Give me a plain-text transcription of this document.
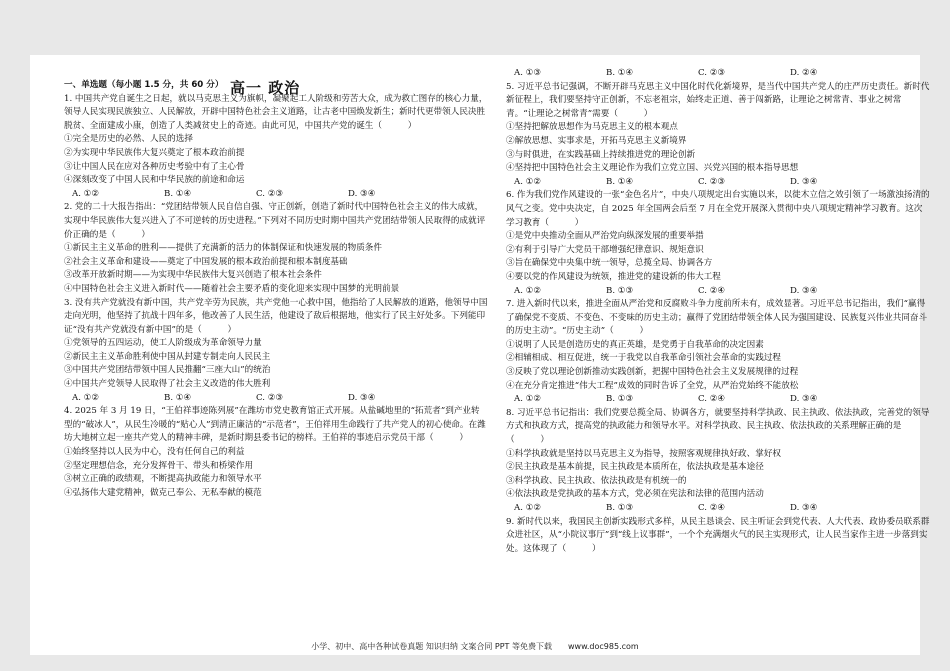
高一 政治
一、单选题（每小题 1.5 分，共 60 分）

1. 中国共产党自诞生之日起，就以马克思主义为旗帜，凝聚起工人阶级和劳苦大众，成为救亡图存的核心力量，领导人民实现民族独立、人民解放，开辟中国特色社会主义道路，让古老中国焕发新生；新时代更带领人民决胜脱贫、全面建成小康，创造了人类减贫史上的奇迹。由此可见，中国共产党的诞生（　　　）

①完全是历史的必然、人民的选择

②为实现中华民族伟大复兴奠定了根本政治前提

③让中国人民在应对各种历史考验中有了主心骨

④深刻改变了中国人民和中华民族的前途和命运

A. ①②	B. ①④	C. ②③	D. ③④

2. 党的二十大报告指出：“党团结带领人民自信自强、守正创新，创造了新时代中国特色社会主义的伟大成就，实现中华民族伟大复兴进入了不可逆转的历史进程。”下列对不同历史时期中国共产党团结带领人民取得的成就评价正确的是（　　　）

①新民主主义革命的胜利——提供了充满新的活力的体制保证和快速发展的物质条件

②社会主义革命和建设——奠定了中国发展的根本政治前提和根本制度基础

③改革开放新时期——为实现中华民族伟大复兴创造了根本社会条件

④中国特色社会主义进入新时代——随着社会主要矛盾的变化迎来实现中国梦的光明前景

3. 没有共产党就没有新中国，共产党辛劳为民族，共产党他一心救中国，他指给了人民解放的道路，他领导中国走向光明，他坚持了抗战十四年多，他改善了人民生活，他建设了敌后根据地，他实行了民主好处多。下列能印证“没有共产党就没有新中国”的是（　　　）

①党领导的五四运动，使工人阶级成为革命领导力量

②新民主主义革命胜利使中国从封建专制走向人民民主

③中国共产党团结带领中国人民推翻“三座大山”的统治

④中国共产党领导人民取得了社会主义改造的伟大胜利

A. ①②	B. ①④	C. ②③	D. ③④

4. 2025 年 3 月 19 日，“王伯祥事迹陈列展”在潍坊市党史教育馆正式开展。从盐碱地里的“拓荒者”到产业转型的“破冰人”，从民生冷暖的“贴心人”到清正廉洁的“示范者”，王伯祥用生命践行了共产党人的初心使命。在潍坊大地树立起一座共产党人的精神丰碑，是新时期县委书记的榜样。王伯祥的事迹启示党员干部（　　　）

①始终坚持以人民为中心，没有任何自己的利益

②坚定理想信念，充分发挥骨干、带头和桥梁作用

③树立正确的政绩观，不断提高执政能力和领导水平

④弘扬伟大建党精神，做克己奉公、无私奉献的模范

A. ①③	B. ①④	C. ②③	D. ②④

5. 习近平总书记强调，不断开辟马克思主义中国化时代化新境界，是当代中国共产党人的庄严历史责任。新时代新征程上，我们要坚持守正创新，不忘老祖宗，始终走正道、善于闯新路，让理论之树常青、事业之树常青。“让理论之树常青”需要（　　　）

①坚持把解放思想作为马克思主义的根本观点

②解放思想、实事求是，开拓马克思主义新境界

③与时俱进，在实践基础上持续推进党的理论创新

④坚持把中国特色社会主义理论作为我们立党立国、兴党兴国的根本指导思想

A. ①②	B. ①④	C. ②③	D. ③④

6. 作为我们党作风建设的一张“金色名片”，中央八项规定出台实施以来，以徙木立信之效引领了一场激浊扬清的风气之变。党中央决定，自 2025 年全国两会后至 7 月在全党开展深入贯彻中央八项规定精神学习教育。这次学习教育（　　　）

①是党中央推动全面从严治党向纵深发展的重要举措

②有利于引导广大党员干部增强纪律意识、规矩意识

③旨在确保党中央集中统一领导，总揽全局、协调各方

④要以党的作风建设为统领，推进党的建设新的伟大工程

A. ①②	B. ①③	C. ②④	D. ③④

7. 进入新时代以来，推进全面从严治党和反腐败斗争力度前所未有，成效显著。习近平总书记指出，我们“赢得了确保党不变质、不变色、不变味的历史主动；赢得了党团结带领全体人民为强国建设、民族复兴伟业共同奋斗的历史主动”。“历史主动”（　　　）

①说明了人民是创造历史的真正英雄，是党勇于自我革命的决定因素

②相辅相成、相互促进，统一于我党以自我革命引领社会革命的实践过程

③反映了党以理论创新推动实践创新，把握中国特色社会主义发展规律的过程

④在充分肯定推进“伟大工程”成效的同时告诉了全党，从严治党始终不能放松

A. ①②	B. ①③	C. ②④	D. ③④

8. 习近平总书记指出：我们党要总揽全局、协调各方，就要坚持科学执政、民主执政、依法执政，完善党的领导方式和执政方式，提高党的执政能力和领导水平。对科学执政、民主执政、依法执政的关系理解正确的是（　　　）

①科学执政就是坚持以马克思主义为指导，按照客观规律执好政、掌好权

②民主执政是基本前提，民主执政是本质所在，依法执政是基本途径

③科学执政、民主执政、依法执政是有机统一的

④依法执政是党执政的基本方式，党必须在宪法和法律的范围内活动

A. ①②	B. ①③	C. ②④	D. ③④

9. 新时代以来，我国民主创新实践形式多样，从民主恳谈会、民主听证会到党代表、人大代表、政协委员联系群众进社区，从“小院议事厅”到“线上议事群”，一个个充满烟火气的民主实现形式，让人民当家作主进一步落到实处。这体现了（　　　）

小学、初中、高中各种试卷真题 知识归纳 文案合同 PPT 等免费下载　　www.doc985.com
